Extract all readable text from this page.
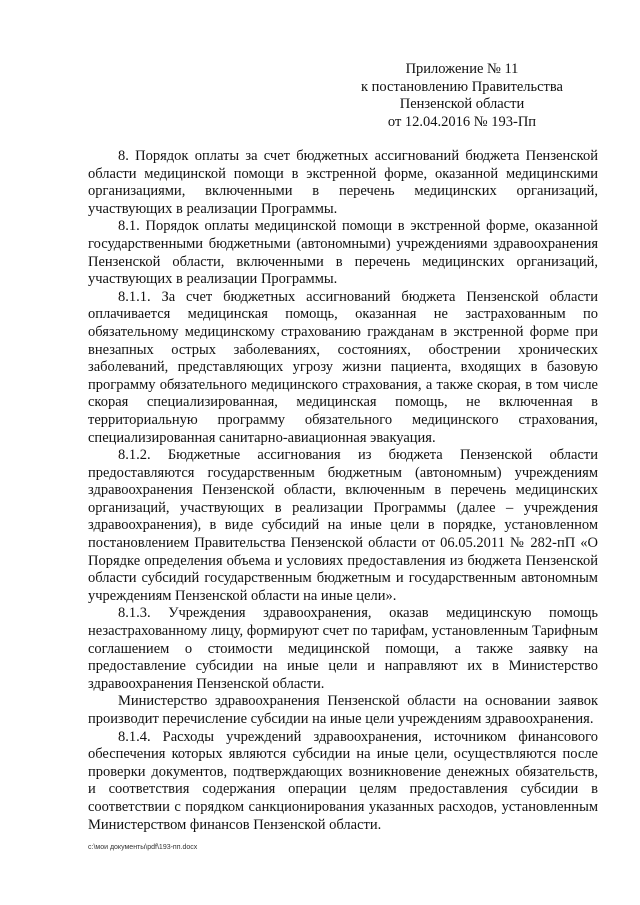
Приложение № 11
к постановлению Правительства
Пензенской области
от 12.04.2016 № 193-Пп

8. Порядок оплаты за счет бюджетных ассигнований бюджета Пензенской области медицинской помощи в экстренной форме, оказанной медицинскими организациями, включенными в перечень медицинских организаций, участвующих в реализации Программы.

8.1. Порядок оплаты медицинской помощи в экстренной форме, оказанной государственными бюджетными (автономными) учреждениями здравоохранения Пензенской области, включенными в перечень медицинских организаций, участвующих в реализации Программы.

8.1.1. За счет бюджетных ассигнований бюджета Пензенской области оплачивается медицинская помощь, оказанная не застрахованным по обязательному медицинскому страхованию гражданам в экстренной форме при внезапных острых заболеваниях, состояниях, обострении хронических заболеваний, представляющих угрозу жизни пациента, входящих в базовую программу обязательного медицинского страхования, а также скорая, в том числе скорая специализированная, медицинская помощь, не включенная в территориальную программу обязательного медицинского страхования, специализированная санитарно-авиационная эвакуация.

8.1.2. Бюджетные ассигнования из бюджета Пензенской области предоставляются государственным бюджетным (автономным) учреждениям здравоохранения Пензенской области, включенным в перечень медицинских организаций, участвующих в реализации Программы (далее – учреждения здравоохранения), в виде субсидий на иные цели в порядке, установленном постановлением Правительства Пензенской области от 06.05.2011 № 282-пП «О Порядке определения объема и условиях предоставления из бюджета Пензенской области субсидий государственным бюджетным и государственным автономным учреждениям Пензенской области на иные цели».

8.1.3. Учреждения здравоохранения, оказав медицинскую помощь незастрахованному лицу, формируют счет по тарифам, установленным Тарифным соглашением о стоимости медицинской помощи, а также заявку на предоставление субсидии на иные цели и направляют их в Министерство здравоохранения Пензенской области.

Министерство здравоохранения Пензенской области на основании заявок производит перечисление субсидии на иные цели учреждениям здравоохранения.

8.1.4. Расходы учреждений здравоохранения, источником финансового обеспечения которых являются субсидии на иные цели, осуществляются после проверки документов, подтверждающих возникновение денежных обязательств, и соответствия содержания операции целям предоставления субсидии в соответствии с порядком санкционирования указанных расходов, установленным Министерством финансов Пензенской области.

c:\мои документы\pdf\193-пп.docx
